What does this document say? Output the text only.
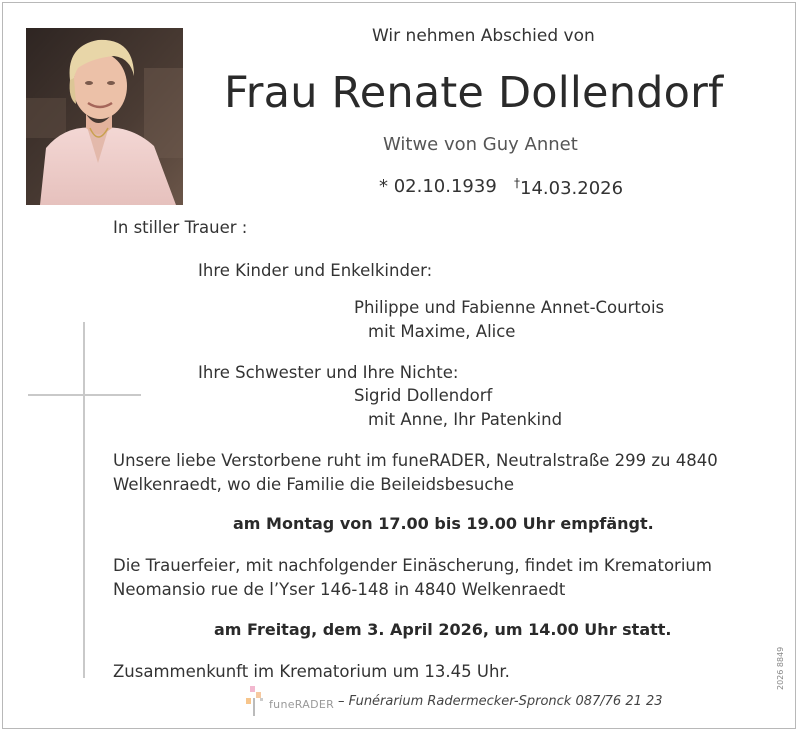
Wir nehmen Abschied von
Frau Renate Dollendorf
Witwe von Guy Annet
* 02.10.1939 †14.03.2026
In stiller Trauer :
Ihre Kinder und Enkelkinder:
Philippe und Fabienne Annet-Courtois
mit Maxime, Alice
Ihre Schwester und Ihre Nichte:
Sigrid Dollendorf
mit Anne, Ihr Patenkind
Unsere liebe Verstorbene ruht im funeRADER, Neutralstraße 299 zu 4840
Welkenraedt, wo die Familie die Beileidsbesuche
am Montag von 17.00 bis 19.00 Uhr empfängt.
Die Trauerfeier, mit nachfolgender Einäscherung, findet im Krematorium
Neomansio rue de l’Yser 146-148 in 4840 Welkenraedt
am Freitag, dem 3. April 2026, um 14.00 Uhr statt.
Zusammenkunft im Krematorium um 13.45 Uhr.
funeRADER – Funérarium Radermecker-Spronck 087/76 21 23
2026 8849
